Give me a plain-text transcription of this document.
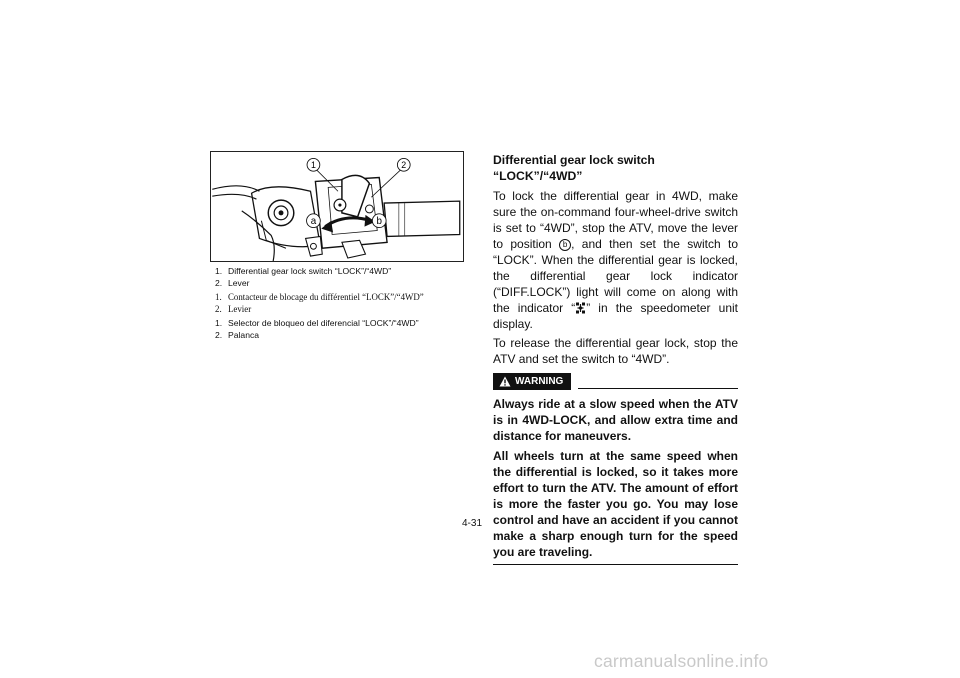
1	2
a	b
1. Differential gear lock switch “LOCK”/“4WD”
2. Lever
1. Contacteur de blocage du différentiel “LOCK”/“4WD”
2. Levier
1. Selector de bloqueo del diferencial “LOCK”/“4WD”
2. Palanca
Differential gear lock switch “LOCK”/“4WD”

To lock the differential gear in 4WD, make sure the on-command four-wheel-drive switch is set to “4WD”, stop the ATV, move the lever to position b , and then set the switch to “LOCK”. When the differential gear is locked, the differential gear lock indicator (“DIFF.LOCK”) light will come on along with the indicator “ ” in the speedometer unit display.

To release the differential gear lock, stop the ATV and set the switch to “4WD”.

WARNING

Always ride at a slow speed when the ATV is in 4WD-LOCK, and allow extra time and distance for maneuvers.

All wheels turn at the same speed when the differential is locked, so it takes more effort to turn the ATV. The amount of effort is more the faster you go. You may lose control and have an accident if you cannot make a sharp enough turn for the speed you are traveling.

4-31
carmanualsonline.info
